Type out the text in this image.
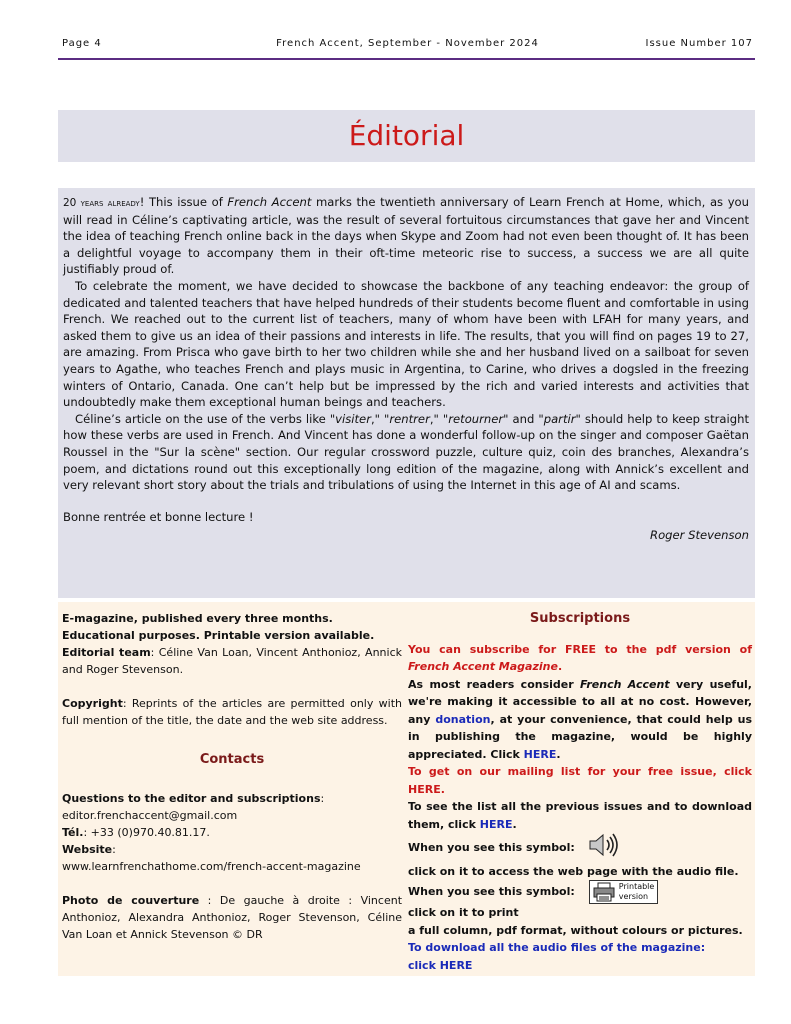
Page 4	French Accent, September - November 2024	Issue Number 107
Éditorial

20 years already! This issue of French Accent marks the twentieth anniversary of Learn French at Home, which, as you will read in Céline’s captivating article, was the result of several fortuitous circumstances that gave her and Vincent the idea of teaching French online back in the days when Skype and Zoom had not even been thought of. It has been a delightful voyage to accompany them in their oft-time meteoric rise to success, a success we are all quite justifiably proud of.

To celebrate the moment, we have decided to showcase the backbone of any teaching endeavor: the group of dedicated and talented teachers that have helped hundreds of their students become fluent and comfortable in using French. We reached out to the current list of teachers, many of whom have been with LFAH for many years, and asked them to give us an idea of their passions and interests in life. The results, that you will find on pages 19 to 27, are amazing. From Prisca who gave birth to her two children while she and her husband lived on a sailboat for seven years to Agathe, who teaches French and plays music in Argentina, to Carine, who drives a dogsled in the freezing winters of Ontario, Canada. One can’t help but be impressed by the rich and varied interests and activities that undoubtedly make them exceptional human beings and teachers.

Céline’s article on the use of the verbs like "visiter," "rentrer," "retourner" and "partir" should help to keep straight how these verbs are used in French. And Vincent has done a wonderful follow-up on the singer and composer Gaëtan Roussel in the "Sur la scène" section. Our regular crossword puzzle, culture quiz, coin des branches, Alexandra’s poem, and dictations round out this exceptionally long edition of the magazine, along with Annick’s excellent and very relevant short story about the trials and tribulations of using the Internet in this age of AI and scams.

Bonne rentrée et bonne lecture !

Roger Stevenson

E-magazine, published every three months.

Educational purposes. Printable version available.

Editorial team: Céline Van Loan, Vincent Anthonioz, Annick and Roger Stevenson.

Copyright: Reprints of the articles are permitted only with full mention of the title, the date and the web site address.

Contacts

Questions to the editor and subscriptions:

editor.frenchaccent@gmail.com

Tél.: +33 (0)970.40.81.17.

Website:

www.learnfrenchathome.com/french-accent-magazine

Photo de couverture : De gauche à droite : Vincent Anthonioz, Alexandra Anthonioz, Roger Stevenson, Céline Van Loan et Annick Stevenson © DR

Subscriptions

You can subscribe for FREE to the pdf version of French Accent Magazine.

As most readers consider French Accent very useful, we're making it accessible to all at no cost. However, any donation, at your convenience, that could help us in publishing the magazine, would be highly appreciated. Click HERE.

To get on our mailing list for your free issue, click HERE.

To see the list all the previous issues and to download them, click HERE.

When you see this symbol:

click on it to access the web page with the audio file.

When you see this symbol:	Printable
version

click on it to print

a full column, pdf format, without colours or pictures.

To download all the audio files of the magazine:

click HERE
